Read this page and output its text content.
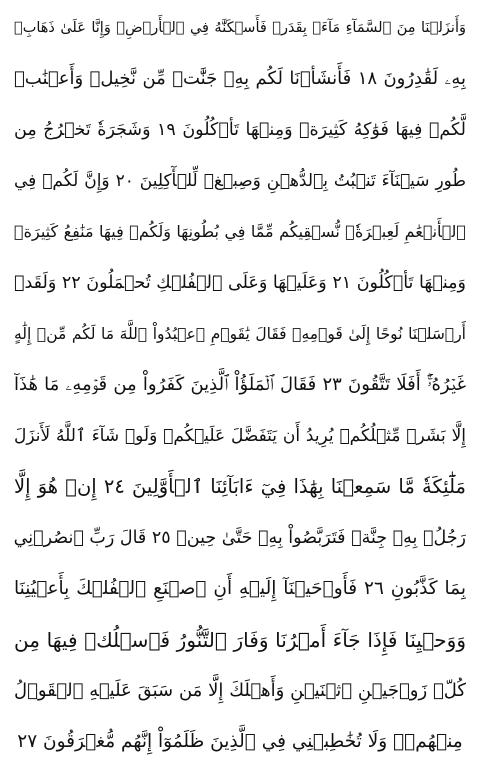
وَأَنزَلۡنَا مِنَ ٱلسَّمَآءِ مَآءَۢ بِقَدَرٖ فَأَسۡكَنَّٰهُ فِي ٱلۡأَرۡضِۖ وَإِنَّا عَلَىٰ ذَهَابِۭ
بِهِۦ لَقَٰدِرُونَ ١٨ فَأَنشَأۡنَا لَكُم بِهِۦ جَنَّٰتٖ مِّن نَّخِيلٖ وَأَعۡنَٰبٖ
لَّكُمۡ فِيهَا فَوَٰكِهُ كَثِيرَةٞ وَمِنۡهَا تَأۡكُلُونَ ١٩ وَشَجَرَةٗ تَخۡرُجُ مِن
طُورِ سَيۡنَآءَ تَنۢبُتُ بِٱلدُّهۡنِ وَصِبۡغٖ لِّلۡأٓكِلِينَ ٢٠ وَإِنَّ لَكُمۡ فِي
ٱلۡأَنۡعَٰمِ لَعِبۡرَةٗۖ نُّسۡقِيكُم مِّمَّا فِي بُطُونِهَا وَلَكُمۡ فِيهَا مَنَٰفِعُ كَثِيرَةٞ
وَمِنۡهَا تَأۡكُلُونَ ٢١ وَعَلَيۡهَا وَعَلَى ٱلۡفُلۡكِ تُحۡمَلُونَ ٢٢ وَلَقَدۡ
أَرۡسَلۡنَا نُوحًا إِلَىٰ قَوۡمِهِۦ فَقَالَ يَٰقَوۡمِ ٱعۡبُدُواْ ٱللَّهَ مَا لَكُم مِّنۡ إِلَٰهٍ
غَيۡرُهُۥٓۚ أَفَلَا تَتَّقُونَ ٢٣ فَقَالَ ٱلۡمَلَؤُاْ ٱلَّذِينَ كَفَرُواْ مِن قَوۡمِهِۦ مَا هَٰذَآ
إِلَّا بَشَرٞ مِّثۡلُكُمۡ يُرِيدُ أَن يَتَفَضَّلَ عَلَيۡكُمۡ وَلَوۡ شَآءَ ٱللَّهُ لَأَنزَلَ
مَلَٰٓئِكَةٗ مَّا سَمِعۡنَا بِهَٰذَا فِيٓ ءَابَآئِنَا ٱلۡأَوَّلِينَ ٢٤ إِنۡ هُوَ إِلَّا
رَجُلُۢ بِهِۦ جِنَّةٞ فَتَرَبَّصُواْ بِهِۦ حَتَّىٰ حِينٖ ٢٥ قَالَ رَبِّ ٱنصُرۡنِي
بِمَا كَذَّبُونِ ٢٦ فَأَوۡحَيۡنَآ إِلَيۡهِ أَنِ ٱصۡنَعِ ٱلۡفُلۡكَ بِأَعۡيُنِنَا
وَوَحۡيِنَا فَإِذَا جَآءَ أَمۡرُنَا وَفَارَ ٱلتَّنُّورُ فَٱسۡلُكۡ فِيهَا مِن
كُلّٖ زَوۡجَيۡنِ ٱثۡنَيۡنِ وَأَهۡلَكَ إِلَّا مَن سَبَقَ عَلَيۡهِ ٱلۡقَوۡلُ
مِنۡهُمۡۖ وَلَا تُخَٰطِبۡنِي فِي ٱلَّذِينَ ظَلَمُوٓاْ إِنَّهُم مُّغۡرَقُونَ ٢٧
